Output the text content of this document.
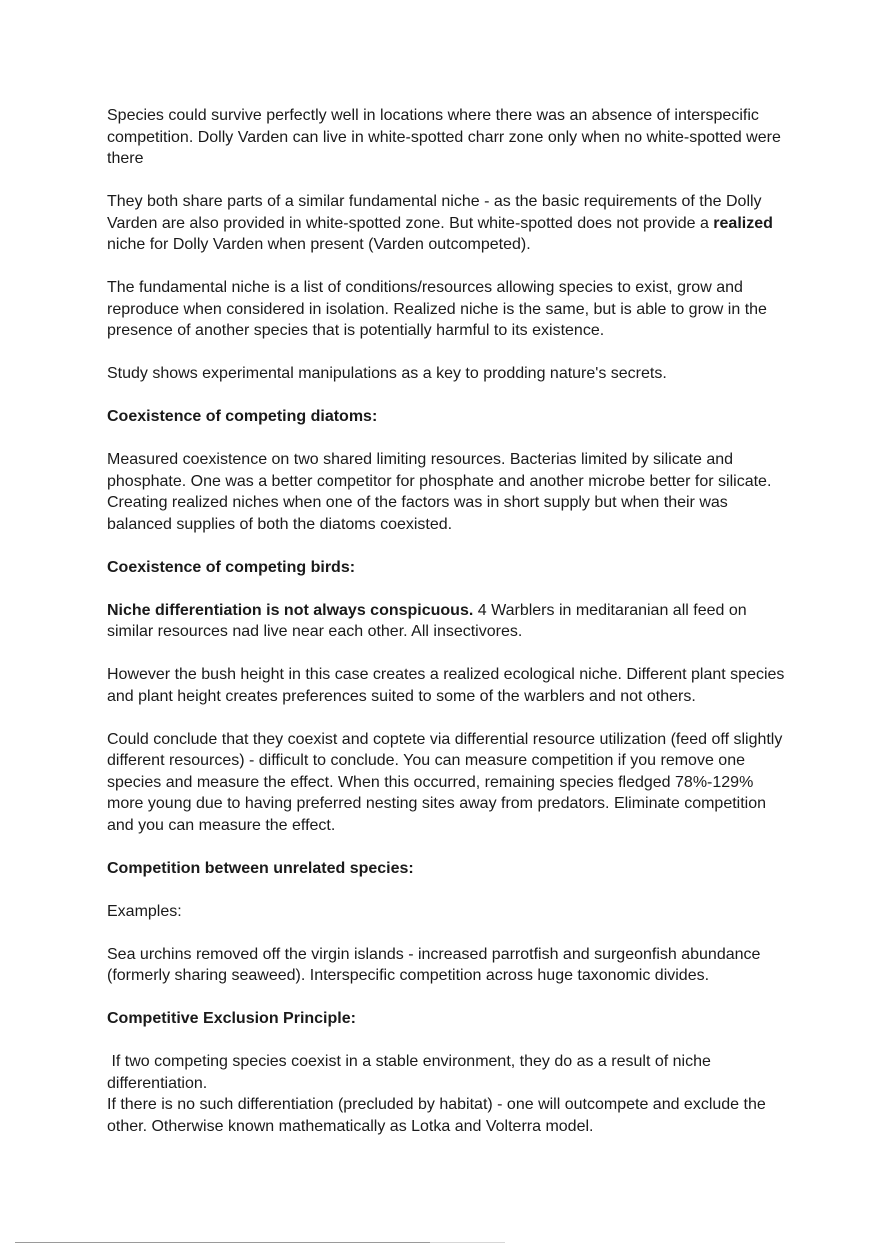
Species could survive perfectly well in locations where there was an absence of interspecific competition. Dolly Varden can live in white-spotted charr zone only when no white-spotted were there

They both share parts of a similar fundamental niche - as the basic requirements of the Dolly Varden are also provided in white-spotted zone. But white-spotted does not provide a realized niche for Dolly Varden when present (Varden outcompeted).

The fundamental niche is a list of conditions/resources allowing species to exist, grow and reproduce when considered in isolation. Realized niche is the same, but is able to grow in the presence of another species that is potentially harmful to its existence.

Study shows experimental manipulations as a key to prodding nature's secrets.

Coexistence of competing diatoms:

Measured coexistence on two shared limiting resources. Bacterias limited by silicate and phosphate. One was a better competitor for phosphate and another microbe better for silicate. Creating realized niches when one of the factors was in short supply but when their was balanced supplies of both the diatoms coexisted.

Coexistence of competing birds:

Niche differentiation is not always conspicuous. 4 Warblers in meditaranian all feed on similar resources nad live near each other. All insectivores.

However the bush height in this case creates a realized ecological niche. Different plant species and plant height creates preferences suited to some of the warblers and not others.

Could conclude that they coexist and coptete via differential resource utilization (feed off slightly different resources) - difficult to conclude. You can measure competition if you remove one species and measure the effect. When this occurred, remaining species fledged 78%-129% more young due to having preferred nesting sites away from predators. Eliminate competition and you can measure the effect.

Competition between unrelated species:

Examples:

Sea urchins removed off the virgin islands - increased parrotfish and surgeonfish abundance (formerly sharing seaweed). Interspecific competition across huge taxonomic divides.

Competitive Exclusion Principle:

If two competing species coexist in a stable environment, they do as a result of niche differentiation.
If there is no such differentiation (precluded by habitat) - one will outcompete and exclude the other. Otherwise known mathematically as Lotka and Volterra model.
